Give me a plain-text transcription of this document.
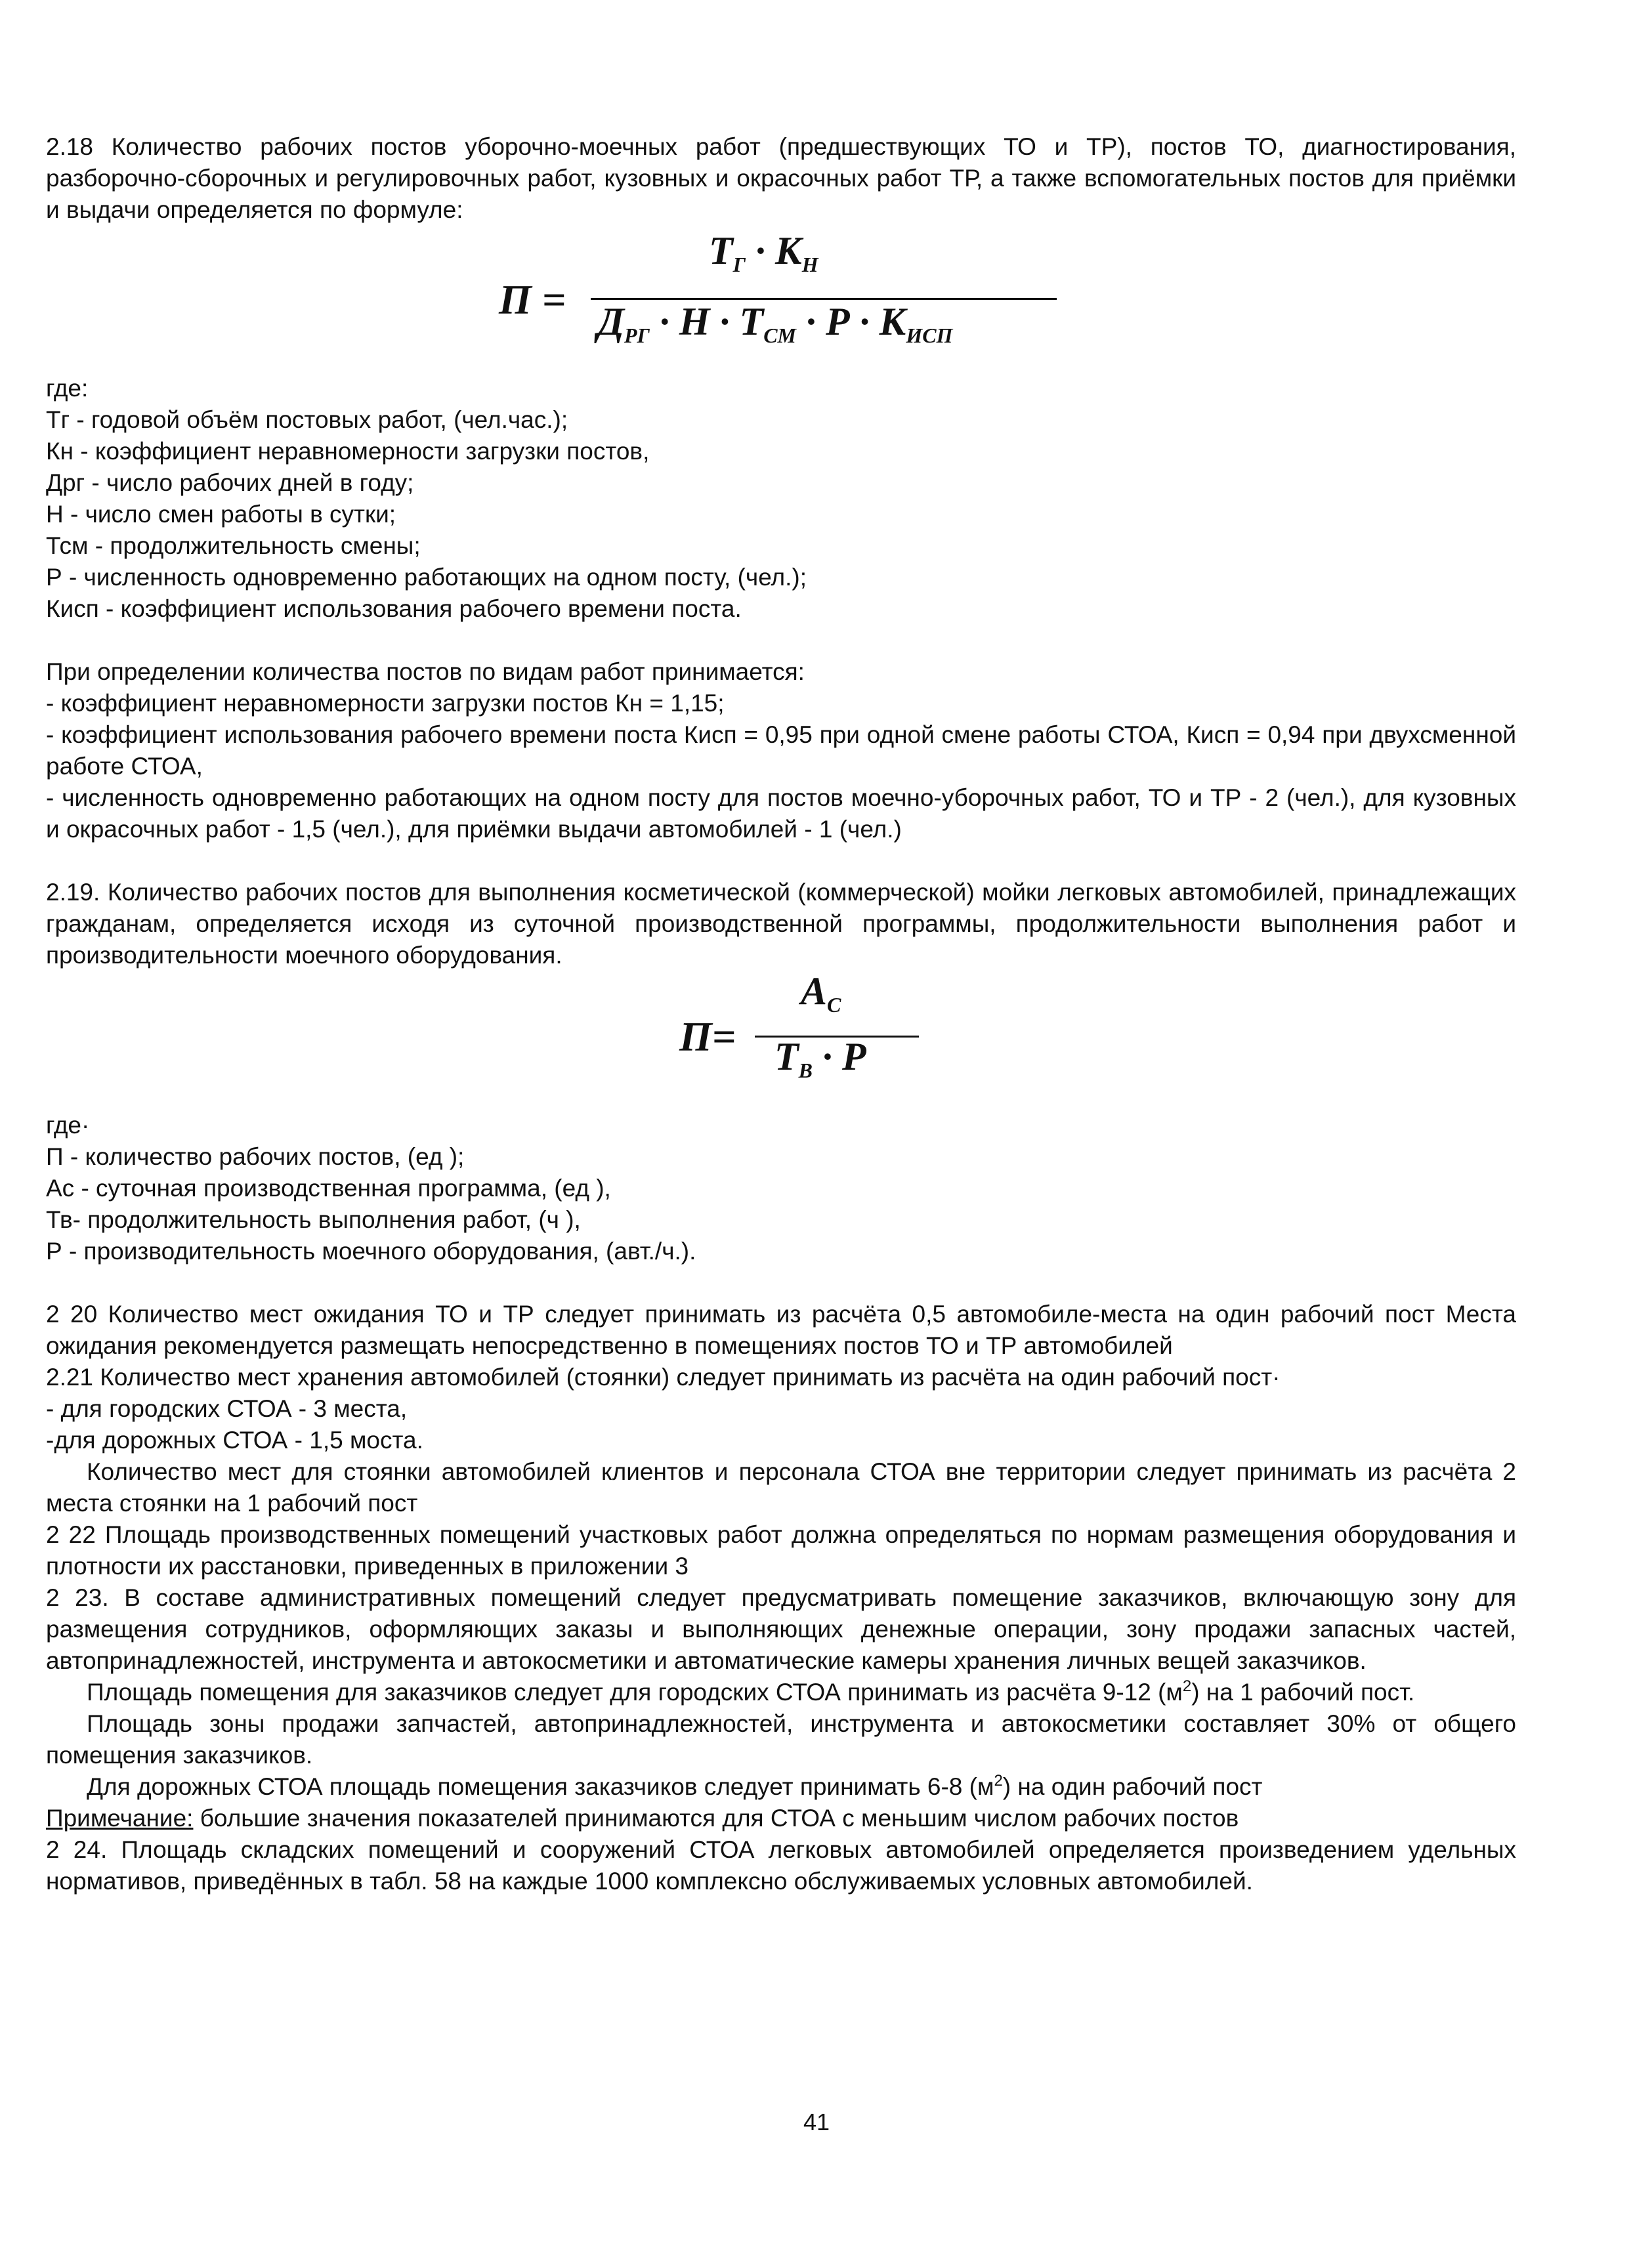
2.18 Количество рабочих постов уборочно-моечных работ (предшествующих ТО и ТР), постов ТО, диагностирования, разборочно-сборочных и регулировочных работ, кузовных и окрасочных работ ТР, а также вспомогательных постов для приёмки и выдачи определяется по формуле:

П =
$Т_Г \cdot К_Н$
$Д_{РГ} \cdot Н \cdot Т_{СМ} \cdot Р \cdot К_{ИСП}$

где:

Тг - годовой объём постовых работ, (чел.час.);

Кн - коэффициент неравномерности загрузки постов,

Дрг - число рабочих дней в году;

Н - число смен работы в сутки;

Тсм - продолжительность смены;

Р - численность одновременно работающих на одном посту, (чел.);

Кисп - коэффициент использования рабочего времени поста.

При определении количества постов по видам работ принимается:

- коэффициент неравномерности загрузки постов Кн = 1,15;

- коэффициент использования рабочего времени поста Кисп = 0,95 при одной смене работы СТОА, Кисп = 0,94 при двухсменной работе СТОА,

- численность одновременно работающих на одном посту для постов моечно-уборочных работ, ТО и ТР - 2 (чел.), для кузовных и окрасочных работ - 1,5 (чел.), для приёмки выдачи автомобилей - 1 (чел.)

2.19. Количество рабочих постов для выполнения косметической (коммерческой) мойки легковых автомобилей, принадлежащих гражданам, определяется исходя из суточной производственной программы, продолжительности выполнения работ и производительности моечного оборудования.

П=
$А_С$
$Т_В \cdot Р$

где·

П - количество рабочих постов, (ед );

Ас - суточная производственная программа, (ед ),

Тв- продолжительность выполнения работ, (ч ),

Р - производительность моечного оборудования, (авт./ч.).

2 20 Количество мест ожидания ТО и ТР следует принимать из расчёта 0,5 автомобиле-места на один рабочий пост Места ожидания рекомендуется размещать непосредственно в помещениях постов ТО и ТР автомобилей

2.21 Количество мест хранения автомобилей (стоянки) следует принимать из расчёта на один рабочий пост·

- для городских СТОА - 3 места,

-для дорожных СТОА - 1,5 моста.

Количество мест для стоянки автомобилей клиентов и персонала СТОА вне территории следует принимать из расчёта 2 места стоянки на 1 рабочий пост

2 22 Площадь производственных помещений участковых работ должна определяться по нормам размещения оборудования и плотности их расстановки, приведенных в приложении 3

2 23. В составе административных помещений следует предусматривать помещение заказчиков, включающую зону для размещения сотрудников, оформляющих заказы и выполняющих денежные операции, зону продажи запасных частей, автопринадлежностей, инструмента и автокосметики и автоматические камеры хранения личных вещей заказчиков.

Площадь помещения для заказчиков следует для городских СТОА принимать из расчёта 9-12 $(м^2)$ на 1 рабочий пост.

Площадь зоны продажи запчастей, автопринадлежностей, инструмента и автокосметики составляет 30% от общего помещения заказчиков.

Для дорожных СТОА площадь помещения заказчиков следует принимать 6-8 $(м^2)$ на один рабочий пост

Примечание: большие значения показателей принимаются для СТОА с меньшим числом рабочих постов

2 24. Площадь складских помещений и сооружений СТОА легковых автомобилей определяется произведением удельных нормативов, приведённых в табл. 58 на каждые 1000 комплексно обслуживаемых условных автомобилей.

41
